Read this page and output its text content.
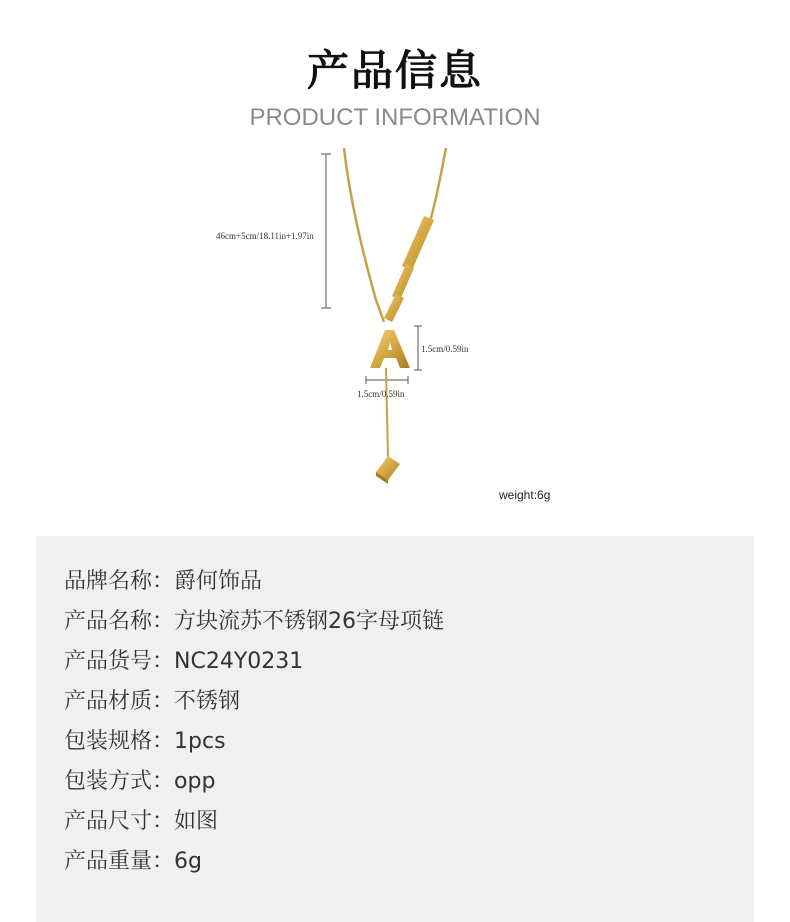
产品信息
PRODUCT INFORMATION
46cm+5cm/18.11in+1.97in
1.5cm/0.59in
1.5cm/0.59in
weight:6g
品牌名称：爵何饰品
产品名称：方块流苏不锈钢26字母项链
产品货号：NC24Y0231
产品材质：不锈钢
包装规格：1pcs
包装方式：opp
产品尺寸：如图
产品重量：6g
